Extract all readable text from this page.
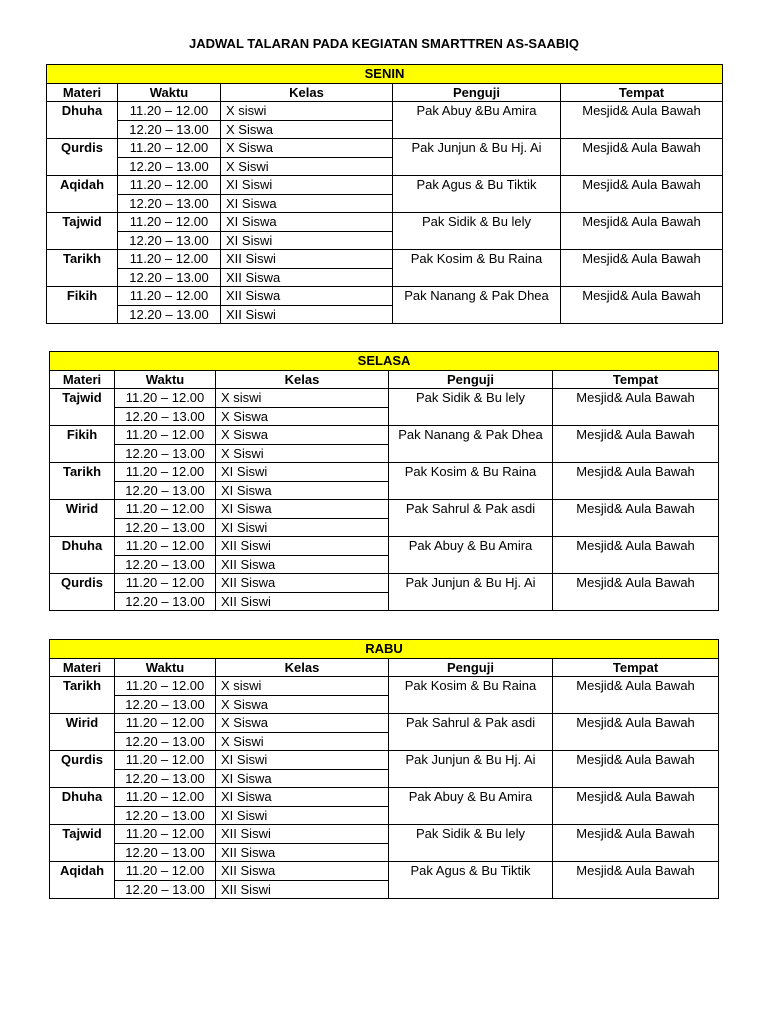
JADWAL TALARAN PADA KEGIATAN SMARTTREN AS-SAABIQ
SENIN				
Materi	Waktu	Kelas	Penguji	Tempat
Dhuha	11.20 – 12.00	X siswi	Pak Abuy &Bu Amira	Mesjid& Aula Bawah
	12.20 – 13.00	X Siswa		
Qurdis	11.20 – 12.00	X Siswa	Pak Junjun & Bu Hj. Ai	Mesjid& Aula Bawah
	12.20 – 13.00	X Siswi		
Aqidah	11.20 – 12.00	XI Siswi	Pak Agus & Bu Tiktik	Mesjid& Aula Bawah
	12.20 – 13.00	XI Siswa		
Tajwid	11.20 – 12.00	XI Siswa	Pak Sidik & Bu lely	Mesjid& Aula Bawah
	12.20 – 13.00	XI Siswi		
Tarikh	11.20 – 12.00	XII Siswi	Pak Kosim & Bu Raina	Mesjid& Aula Bawah
	12.20 – 13.00	XII Siswa		
Fikih	11.20 – 12.00	XII Siswa	Pak Nanang & Pak Dhea	Mesjid& Aula Bawah
	12.20 – 13.00	XII Siswi		
SELASA				
Materi	Waktu	Kelas	Penguji	Tempat
Tajwid	11.20 – 12.00	X siswi	Pak Sidik & Bu lely	Mesjid& Aula Bawah
	12.20 – 13.00	X Siswa		
Fikih	11.20 – 12.00	X Siswa	Pak Nanang & Pak Dhea	Mesjid& Aula Bawah
	12.20 – 13.00	X Siswi		
Tarikh	11.20 – 12.00	XI Siswi	Pak Kosim & Bu Raina	Mesjid& Aula Bawah
	12.20 – 13.00	XI Siswa		
Wirid	11.20 – 12.00	XI Siswa	Pak Sahrul & Pak asdi	Mesjid& Aula Bawah
	12.20 – 13.00	XI Siswi		
Dhuha	11.20 – 12.00	XII Siswi	Pak Abuy & Bu Amira	Mesjid& Aula Bawah
	12.20 – 13.00	XII Siswa		
Qurdis	11.20 – 12.00	XII Siswa	Pak Junjun & Bu Hj. Ai	Mesjid& Aula Bawah
	12.20 – 13.00	XII Siswi		
RABU				
Materi	Waktu	Kelas	Penguji	Tempat
Tarikh	11.20 – 12.00	X siswi	Pak Kosim & Bu Raina	Mesjid& Aula Bawah
	12.20 – 13.00	X Siswa		
Wirid	11.20 – 12.00	X Siswa	Pak Sahrul & Pak asdi	Mesjid& Aula Bawah
	12.20 – 13.00	X Siswi		
Qurdis	11.20 – 12.00	XI Siswi	Pak Junjun & Bu Hj. Ai	Mesjid& Aula Bawah
	12.20 – 13.00	XI Siswa		
Dhuha	11.20 – 12.00	XI Siswa	Pak Abuy & Bu Amira	Mesjid& Aula Bawah
	12.20 – 13.00	XI Siswi		
Tajwid	11.20 – 12.00	XII Siswi	Pak Sidik & Bu lely	Mesjid& Aula Bawah
	12.20 – 13.00	XII Siswa		
Aqidah	11.20 – 12.00	XII Siswa	Pak Agus & Bu Tiktik	Mesjid& Aula Bawah
	12.20 – 13.00	XII Siswi		
